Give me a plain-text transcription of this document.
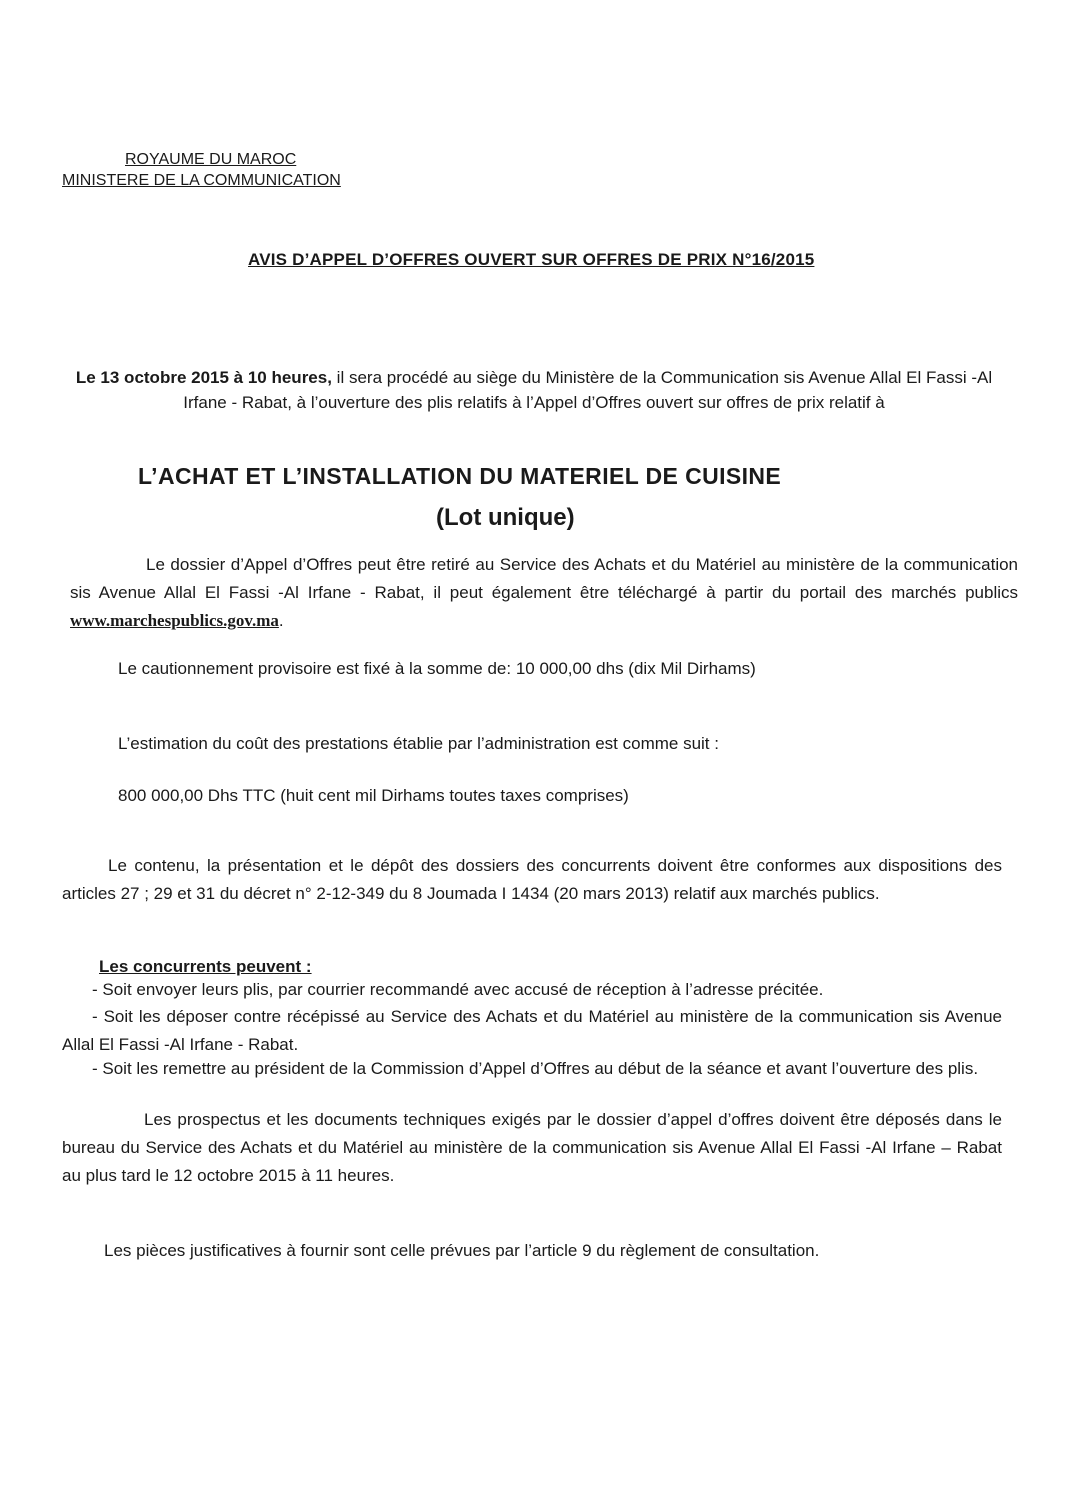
ROYAUME DU MAROC
MINISTERE DE LA COMMUNICATION
AVIS D’APPEL D’OFFRES OUVERT SUR OFFRES DE PRIX N°16/2015
Le 13 octobre 2015 à 10 heures, il sera procédé au siège du Ministère de la Communication sis Avenue Allal El Fassi -Al Irfane - Rabat, à l’ouverture des plis relatifs à l’Appel d’Offres ouvert sur offres de prix relatif à
L’ACHAT ET L’INSTALLATION DU MATERIEL DE CUISINE
(Lot unique)
Le dossier d’Appel d’Offres peut être retiré au Service des Achats et du Matériel au ministère de la communication sis Avenue Allal El Fassi -Al Irfane - Rabat, il peut également être téléchargé à partir du portail des marchés publics www.marchespublics.gov.ma.
Le cautionnement provisoire est fixé à la somme de: 10 000,00 dhs (dix Mil Dirhams)
L’estimation du coût des prestations établie par l’administration est comme suit :
800 000,00 Dhs TTC (huit cent mil Dirhams toutes taxes comprises)
Le contenu, la présentation et le dépôt des dossiers des concurrents doivent être conformes aux dispositions des articles 27 ; 29 et 31 du décret n° 2-12-349 du 8 Joumada I 1434 (20 mars 2013) relatif aux marchés publics.
Les concurrents peuvent :
- Soit envoyer leurs plis, par courrier recommandé avec accusé de réception à l’adresse précitée.
- Soit les déposer contre récépissé au Service des Achats et du Matériel au ministère de la communication sis Avenue Allal El Fassi -Al Irfane - Rabat.
- Soit les remettre au président de la Commission d’Appel d’Offres au début de la séance et avant l’ouverture des plis.
Les prospectus et les documents techniques exigés par le dossier d’appel d’offres doivent être déposés dans le bureau du Service des Achats et du Matériel au ministère de la communication sis Avenue Allal El Fassi -Al Irfane – Rabat au plus tard le 12 octobre 2015 à 11 heures.
Les pièces justificatives à fournir sont celle prévues par l’article 9 du règlement de consultation.
